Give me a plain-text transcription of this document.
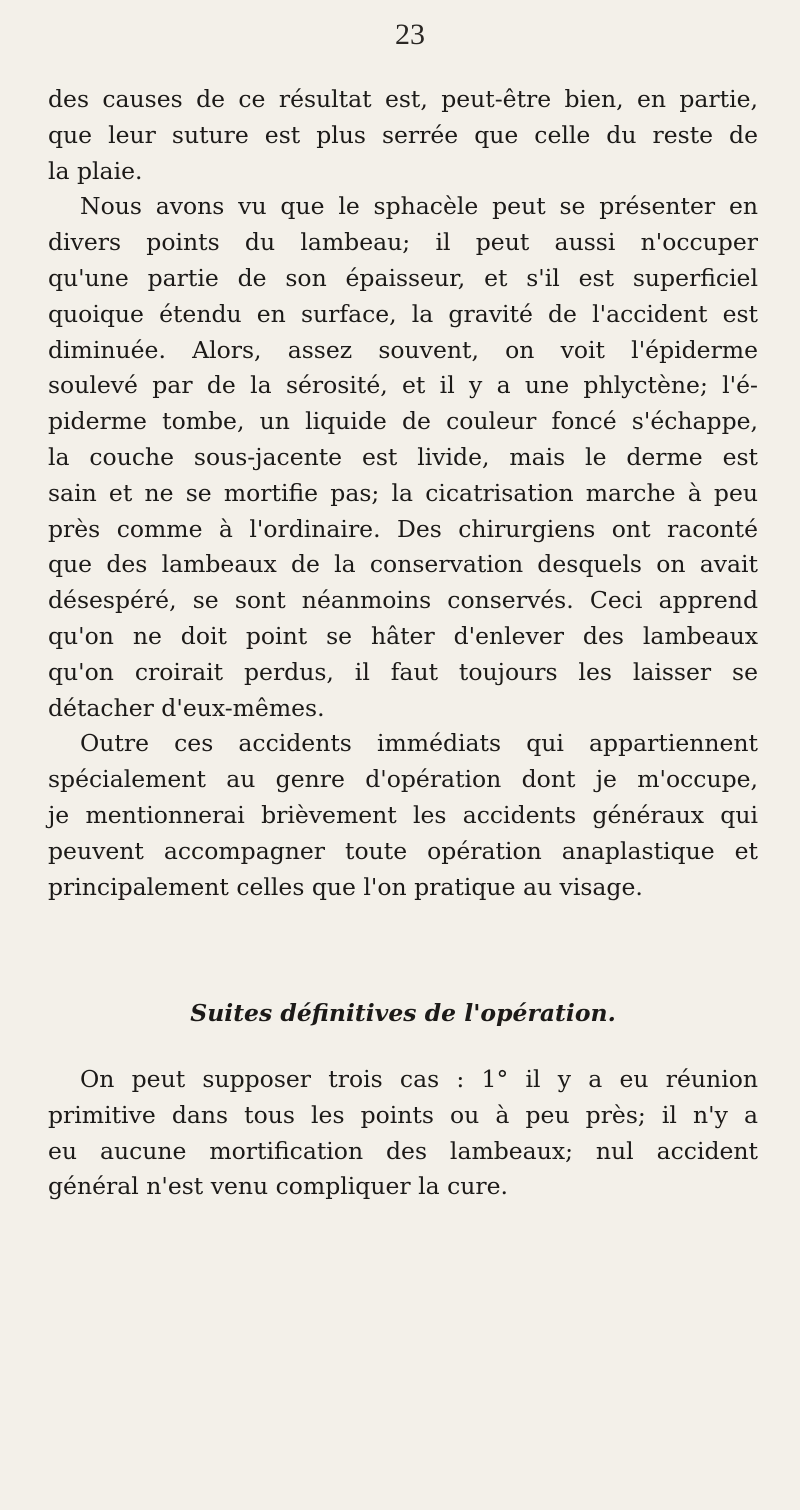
23
des causes de ce résultat est, peut-être bien, en partie,
que leur suture est plus serrée que celle du reste de
la plaie.
Nous avons vu que le sphacèle peut se présenter en
divers points du lambeau; il peut aussi n'occuper
qu'une partie de son épaisseur, et s'il est superficiel
quoique étendu en surface, la gravité de l'accident est
diminuée. Alors, assez souvent, on voit l'épiderme
soulevé par de la sérosité, et il y a une phlyctène; l'é-
piderme tombe, un liquide de couleur foncé s'échappe,
la couche sous-jacente est livide, mais le derme est
sain et ne se mortifie pas; la cicatrisation marche à peu
près comme à l'ordinaire. Des chirurgiens ont raconté
que des lambeaux de la conservation desquels on avait
désespéré, se sont néanmoins conservés. Ceci apprend
qu'on ne doit point se hâter d'enlever des lambeaux
qu'on croirait perdus, il faut toujours les laisser se
détacher d'eux-mêmes.
Outre ces accidents immédiats qui appartiennent
spécialement au genre d'opération dont je m'occupe,
je mentionnerai brièvement les accidents généraux qui
peuvent accompagner toute opération anaplastique et
principalement celles que l'on pratique au visage.
Suites définitives de l'opération.
On peut supposer trois cas : 1° il y a eu réunion
primitive dans tous les points ou à peu près; il n'y a
eu aucune mortification des lambeaux; nul accident
général n'est venu compliquer la cure.
